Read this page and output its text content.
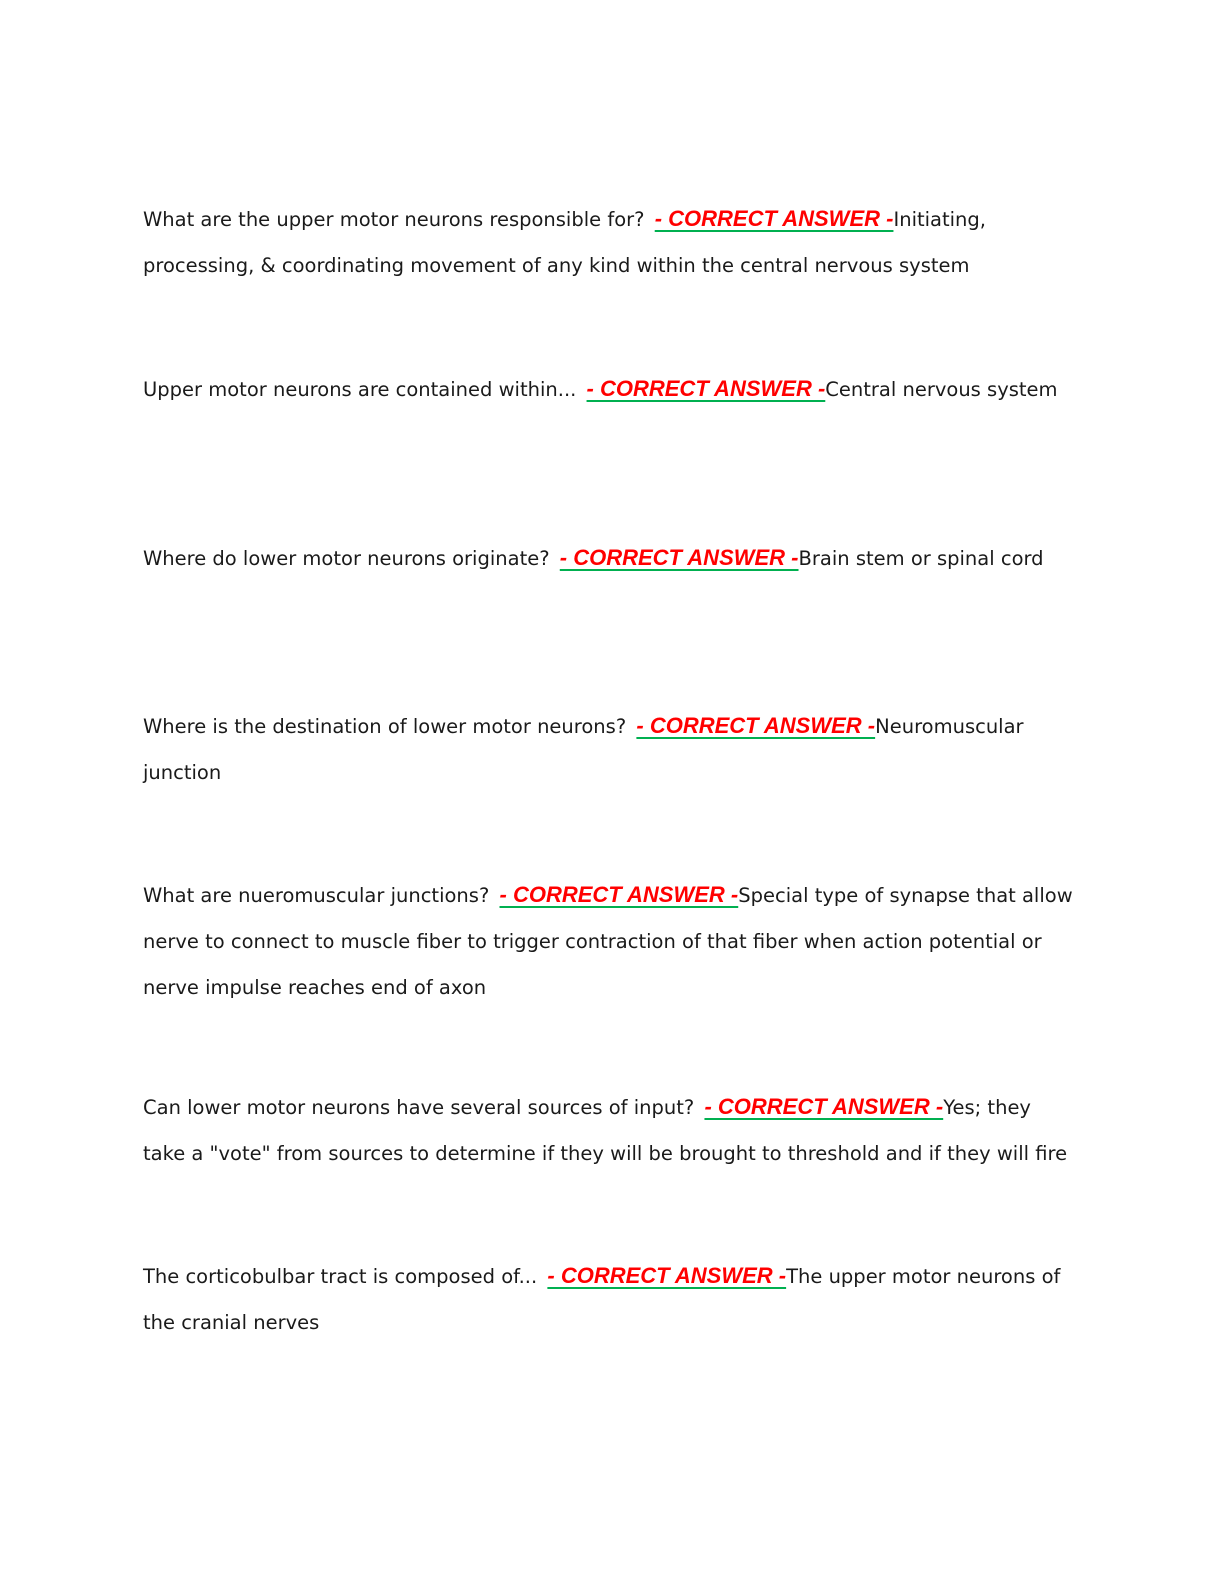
What are the upper motor neurons responsible for? - CORRECT ANSWER -Initiating, processing, & coordinating movement of any kind within the central nervous system
Upper motor neurons are contained within... - CORRECT ANSWER -Central nervous system
Where do lower motor neurons originate? - CORRECT ANSWER -Brain stem or spinal cord
Where is the destination of lower motor neurons? - CORRECT ANSWER -Neuromuscular junction
What are nueromuscular junctions? - CORRECT ANSWER -Special type of synapse that allow nerve to connect to muscle fiber to trigger contraction of that fiber when action potential or nerve impulse reaches end of axon
Can lower motor neurons have several sources of input? - CORRECT ANSWER -Yes; they take a "vote" from sources to determine if they will be brought to threshold and if they will fire
The corticobulbar tract is composed of... - CORRECT ANSWER -The upper motor neurons of the cranial nerves
